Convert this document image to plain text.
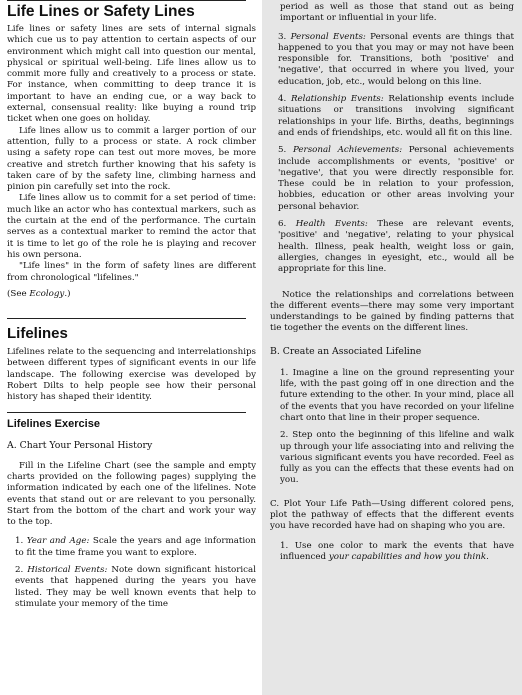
Life Lines or Safety Lines

Life lines or safety lines are sets of internal signals which cue us to pay attention to certain aspects of our environment which might call into question our mental, physical or spiritual well-being. Life lines allow us to commit more fully and creatively to a process or state. For instance, when committing to deep trance it is important to have an ending cue, or a way back to external, consensual reality: like buying a round trip ticket when one goes on holiday.

Life lines allow us to commit a larger portion of our attention, fully to a process or state. A rock climber using a safety rope can test out more moves, be more creative and stretch further knowing that his safety is taken care of by the safety line, climbing harness and pinion pin carefully set into the rock.

Life lines allow us to commit for a set period of time: much like an actor who has contextual markers, such as the curtain at the end of the performance. The curtain serves as a contextual marker to remind the actor that it is time to let go of the role he is playing and recover his own persona.

"Life lines" in the form of safety lines are different from chronological "lifelines."

(See Ecology.)

Lifelines

Lifelines relate to the sequencing and interrelationships between different types of significant events in our life landscape. The following exercise was developed by Robert Dilts to help people see how their personal history has shaped their identity.

Lifelines Exercise

A. Chart Your Personal History

Fill in the Lifeline Chart (see the sample and empty charts provided on the following pages) supplying the information indicated by each one of the lifelines. Note events that stand out or are relevant to you personally. Start from the bottom of the chart and work your way to the top.

1. Year and Age: Scale the years and age information to fit the time frame you want to explore.
2. Historical Events: Note down significant historical events that happened during the years you have listed. They may be well known events that help to stimulate your memory of the time

period as well as those that stand out as being important or influential in your life.

3. Personal Events: Personal events are things that happened to you that you may or may not have been responsible for. Transitions, both 'positive' and 'negative', that occurred in where you lived, your education, job, etc., would belong on this line.
4. Relationship Events: Relationship events include situations or transitions involving significant relationships in your life. Births, deaths, beginnings and ends of friendships, etc. would all fit on this line.
5. Personal Achievements: Personal achievements include accomplishments or events, 'positive' or 'negative', that you were directly responsible for. These could be in relation to your profession, hobbies, education or other areas involving your personal behavior.
6. Health Events: These are relevant events, 'positive' and 'negative', relating to your physical health. Illness, peak health, weight loss or gain, allergies, changes in eyesight, etc., would all be appropriate for this line.

Notice the relationships and correlations between the different events—there may some very important understandings to be gained by finding patterns that tie together the events on the different lines.

B. Create an Associated Lifeline

1. Imagine a line on the ground representing your life, with the past going off in one direction and the future extending to the other. In your mind, place all of the events that you have recorded on your lifeline chart onto that line in their proper sequence.
2. Step onto the beginning of this lifeline and walk up through your life associating into and reliving the various significant events you have recorded. Feel as fully as you can the effects that these events had on you.

C. Plot Your Life Path—Using different colored pens, plot the pathway of effects that the different events you have recorded have had on shaping who you are.

1. Use one color to mark the events that have influenced your capabilities and how you think.
